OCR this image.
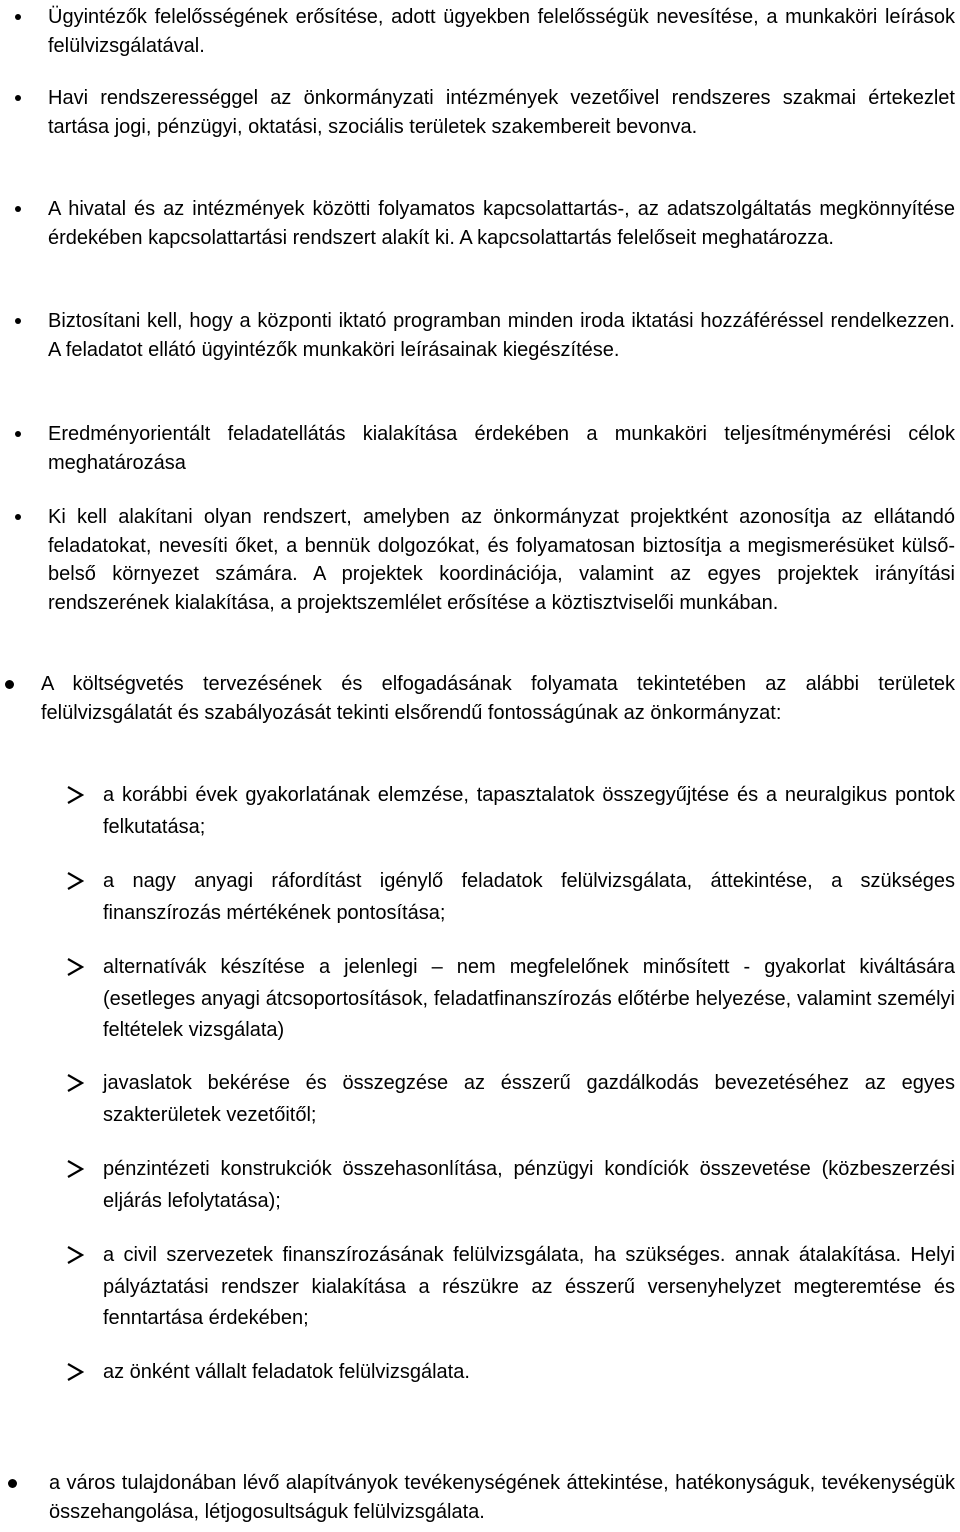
Ügyintézők felelősségének erősítése, adott ügyekben felelősségük nevesítése, a munkaköri leírások felülvizsgálatával.
Havi rendszerességgel az önkormányzati intézmények vezetőivel rendszeres szakmai értekezlet tartása jogi, pénzügyi, oktatási, szociális területek szakembereit bevonva.
A hivatal és az intézmények közötti folyamatos kapcsolattartás-, az adatszolgáltatás megkönnyítése érdekében kapcsolattartási rendszert alakít ki. A kapcsolattartás felelőseit meghatározza.
Biztosítani kell, hogy a központi iktató programban minden iroda iktatási hozzáféréssel rendelkezzen. A feladatot ellátó ügyintézők munkaköri leírásainak kiegészítése.
Eredményorientált feladatellátás kialakítása érdekében a munkaköri teljesítménymérési célok meghatározása
Ki kell alakítani olyan rendszert, amelyben az önkormányzat projektként azonosítja az ellátandó feladatokat, nevesíti őket, a bennük dolgozókat, és folyamatosan biztosítja a megismerésüket külső-belső környezet számára. A projektek koordinációja, valamint az egyes projektek irányítási rendszerének kialakítása, a projektszemlélet erősítése a köztisztviselői munkában.
A költségvetés tervezésének és elfogadásának folyamata tekintetében az alábbi területek felülvizsgálatát és szabályozását tekinti elsőrendű fontosságúnak az önkormányzat:
a korábbi évek gyakorlatának elemzése, tapasztalatok összegyűjtése és a neuralgikus pontok felkutatása;
a nagy anyagi ráfordítást igénylő feladatok felülvizsgálata, áttekintése, a szükséges finanszírozás mértékének pontosítása;
alternatívák készítése a jelenlegi – nem megfelelőnek minősített - gyakorlat kiváltására (esetleges anyagi átcsoportosítások, feladatfinanszírozás előtérbe helyezése, valamint személyi feltételek vizsgálata)
javaslatok bekérése és összegzése az ésszerű gazdálkodás bevezetéséhez az egyes szakterületek vezetőitől;
pénzintézeti konstrukciók összehasonlítása, pénzügyi kondíciók összevetése (közbeszerzési eljárás lefolytatása);
a civil szervezetek finanszírozásának felülvizsgálata, ha szükséges. annak átalakítása. Helyi pályáztatási rendszer kialakítása a részükre az ésszerű versenyhelyzet megteremtése és fenntartása érdekében;
az önként vállalt feladatok felülvizsgálata.
a város tulajdonában lévő alapítványok tevékenységének áttekintése, hatékonyságuk, tevékenységük összehangolása, létjogosultságuk felülvizsgálata.
